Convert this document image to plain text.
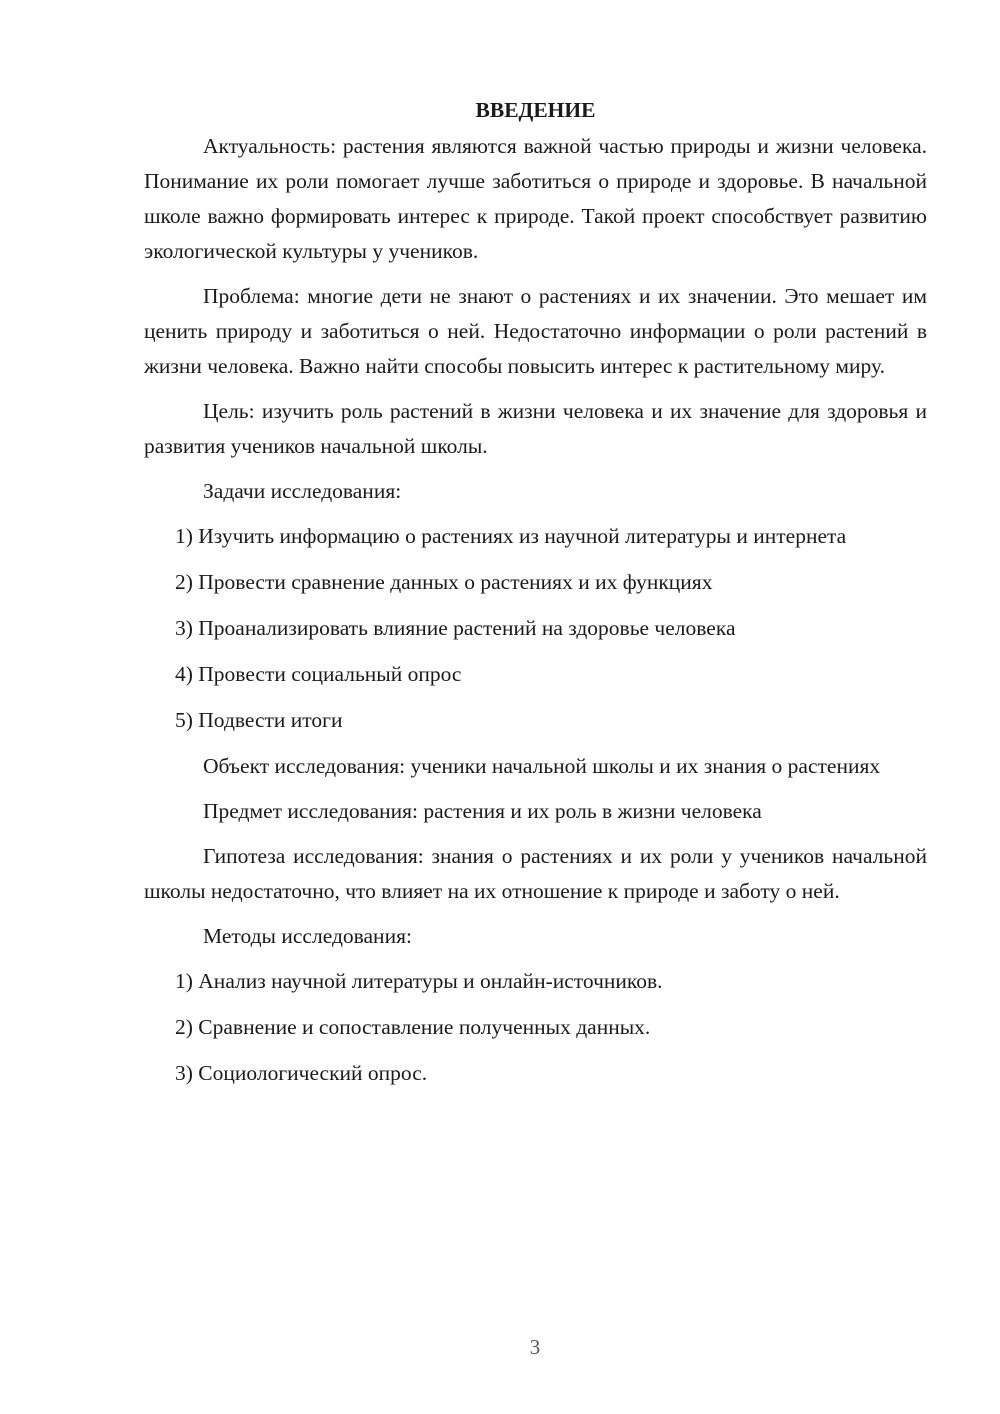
ВВЕДЕНИЕ

Актуальность: растения являются важной частью природы и жизни человека. Понимание их роли помогает лучше заботиться о природе и здоровье. В начальной школе важно формировать интерес к природе. Такой проект способствует развитию экологической культуры у учеников.

Проблема: многие дети не знают о растениях и их значении. Это мешает им ценить природу и заботиться о ней. Недостаточно информации о роли растений в жизни человека. Важно найти способы повысить интерес к растительному миру.

Цель: изучить роль растений в жизни человека и их значение для здоровья и развития учеников начальной школы.

Задачи исследования:

1) Изучить информацию о растениях из научной литературы и интернета

2) Провести сравнение данных о растениях и их функциях

3) Проанализировать влияние растений на здоровье человека

4) Провести социальный опрос

5) Подвести итоги

Объект исследования: ученики начальной школы и их знания о растениях

Предмет исследования: растения и их роль в жизни человека

Гипотеза исследования: знания о растениях и их роли у учеников начальной школы недостаточно, что влияет на их отношение к природе и заботу о ней.

Методы исследования:

1) Анализ научной литературы и онлайн-источников.

2) Сравнение и сопоставление полученных данных.

3) Социологический опрос.

3
